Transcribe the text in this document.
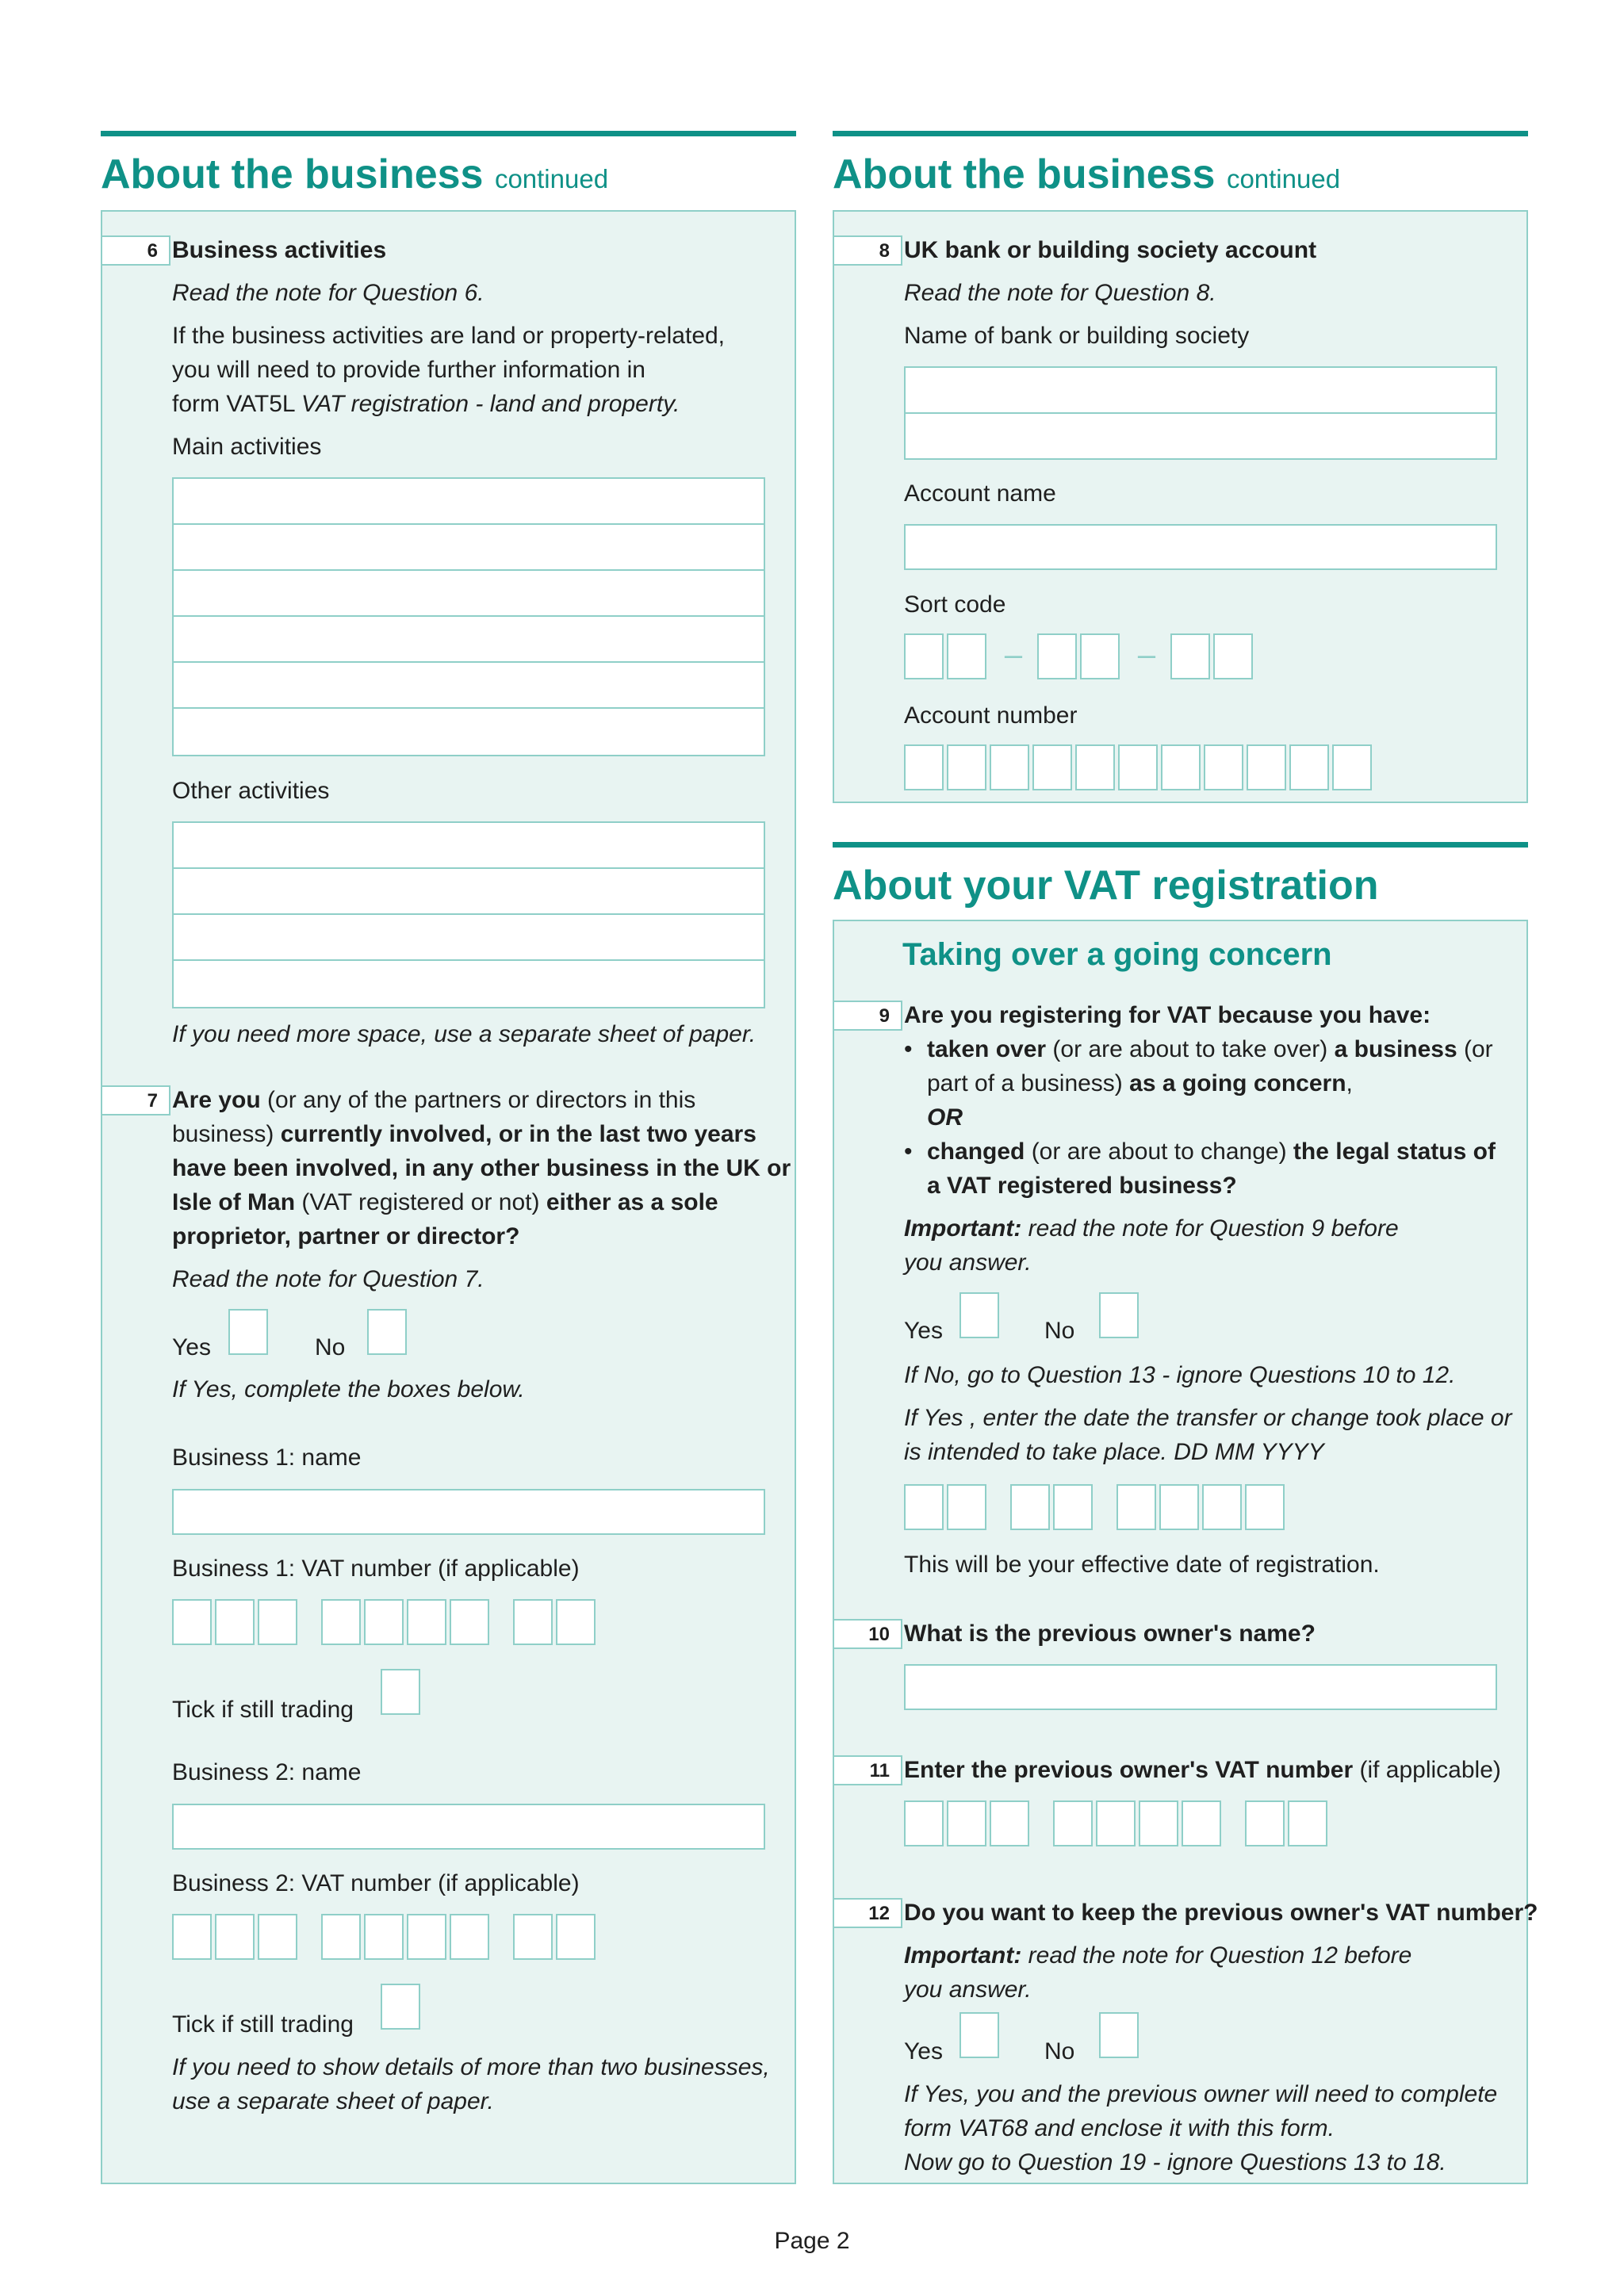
About the business continued	About the business continued
6 Business activities
Read the note for Question 6.
If the business activities are land or property-related,
you will need to provide further information in
form VAT5L VAT registration - land and property.
Main activities
Other activities
If you need more space, use a separate sheet of paper.
7 Are you (or any of the partners or directors in this
business) currently involved, or in the last two years
have been involved, in any other business in the UK or
Isle of Man (VAT registered or not) either as a sole
proprietor, partner or director?
Read the note for Question 7.
Yes	No
If Yes, complete the boxes below.
Business 1: name
Business 1: VAT number (if applicable)
Tick if still trading
Business 2: name
Business 2: VAT number (if applicable)
Tick if still trading
If you need to show details of more than two businesses,
use a separate sheet of paper.
8 UK bank or building society account
Read the note for Question 8.
Name of bank or building society
Account name
Sort code
–	–
Account number
About your VAT registration
Taking over a going concern
9 Are you registering for VAT because you have:
• taken over (or are about to take over) a business (or
part of a business) as a going concern,
OR
• changed (or are about to change) the legal status of
a VAT registered business?
Important: read the note for Question 9 before
you answer.
Yes	No
If No, go to Question 13 - ignore Questions 10 to 12.
If Yes , enter the date the transfer or change took place or
is intended to take place. DD MM YYYY
This will be your effective date of registration.
10 What is the previous owner's name?
11 Enter the previous owner's VAT number (if applicable)
12 Do you want to keep the previous owner's VAT number?
Important: read the note for Question 12 before
you answer.
Yes	No
If Yes, you and the previous owner will need to complete
form VAT68 and enclose it with this form.
Now go to Question 19 - ignore Questions 13 to 18.
Page 2
